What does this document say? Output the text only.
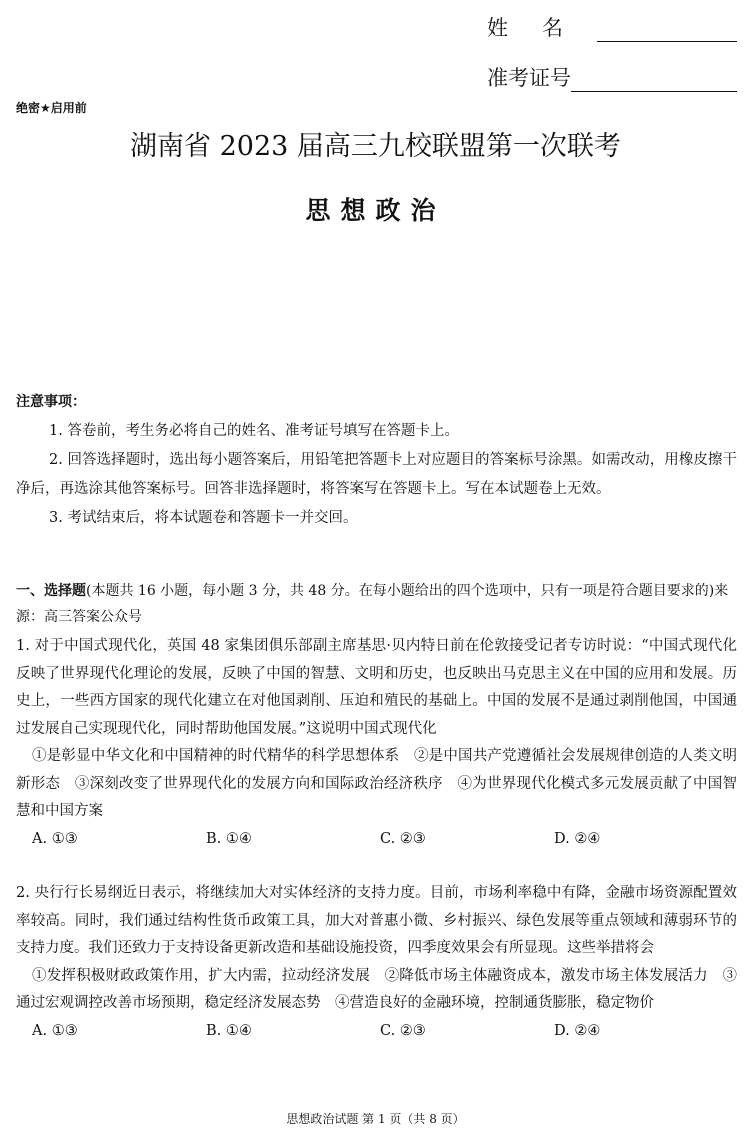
姓名
准考证号
绝密★启用前
湖南省 2023 届高三九校联盟第一次联考
思想政治
注意事项：
1. 答卷前，考生务必将自己的姓名、准考证号填写在答题卡上。
2. 回答选择题时，选出每小题答案后，用铅笔把答题卡上对应题目的答案标号涂黑。如需改动，用橡皮擦干净后，再选涂其他答案标号。回答非选择题时，将答案写在答题卡上。写在本试题卷上无效。
3. 考试结束后，将本试题卷和答题卡一并交回。
一、选择题(本题共 16 小题，每小题 3 分，共 48 分。在每小题给出的四个选项中，只有一项是符合题目要求的)来源：高三答案公众号
1. 对于中国式现代化，英国 48 家集团俱乐部副主席基思·贝内特日前在伦敦接受记者专访时说：“中国式现代化反映了世界现代化理论的发展，反映了中国的智慧、文明和历史，也反映出马克思主义在中国的应用和发展。历史上，一些西方国家的现代化建立在对他国剥削、压迫和殖民的基础上。中国的发展不是通过剥削他国，中国通过发展自己实现现代化，同时帮助他国发展。”这说明中国式现代化
①是彰显中华文化和中国精神的时代精华的科学思想体系　②是中国共产党遵循社会发展规律创造的人类文明新形态　③深刻改变了世界现代化的发展方向和国际政治经济秩序　④为世界现代化模式多元发展贡献了中国智慧和中国方案
A. ①③	B. ①④	C. ②③	D. ②④
2. 央行行长易纲近日表示，将继续加大对实体经济的支持力度。目前，市场利率稳中有降，金融市场资源配置效率较高。同时，我们通过结构性货币政策工具，加大对普惠小微、乡村振兴、绿色发展等重点领域和薄弱环节的支持力度。我们还致力于支持设备更新改造和基础设施投资，四季度效果会有所显现。这些举措将会
①发挥积极财政政策作用，扩大内需，拉动经济发展　②降低市场主体融资成本，激发市场主体发展活力　③通过宏观调控改善市场预期，稳定经济发展态势　④营造良好的金融环境，控制通货膨胀，稳定物价
A. ①③	B. ①④	C. ②③	D. ②④
思想政治试题 第 1 页（共 8 页）
